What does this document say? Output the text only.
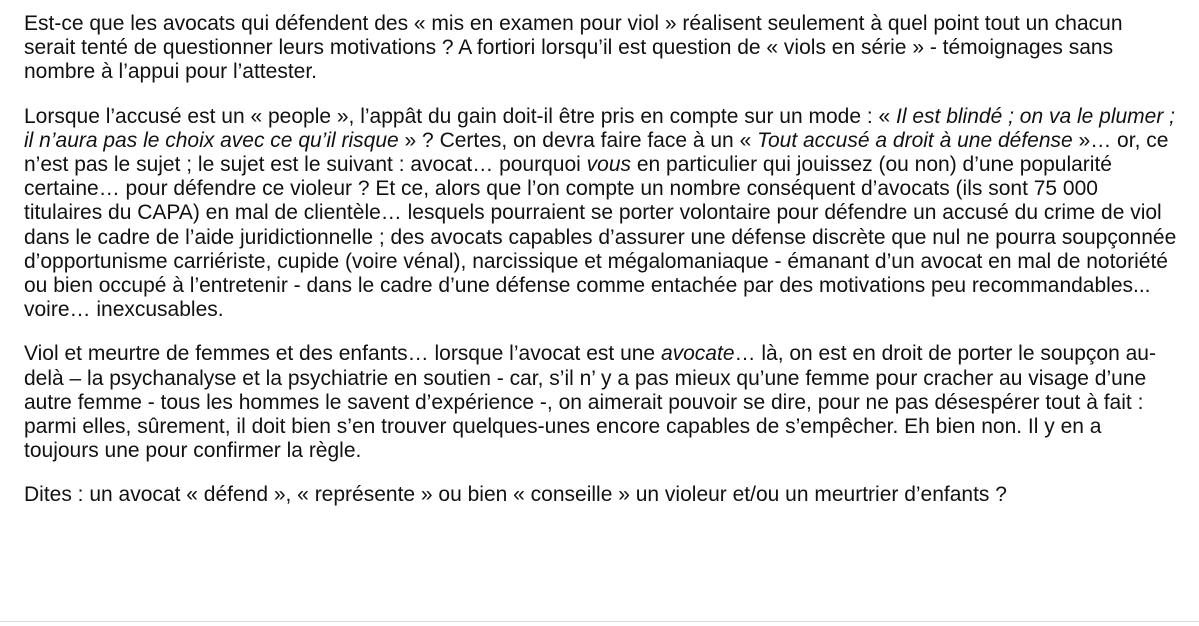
Est-ce que les avocats qui défendent des « mis en examen pour viol » réalisent seulement à quel point tout un chacun serait tenté de questionner leurs motivations ? A fortiori lorsqu’il est question de « viols en série » - témoignages sans nombre à l’appui pour l’attester.

Lorsque l’accusé est un « people », l’appât du gain doit-il être pris en compte sur un mode : « Il est blindé ; on va le plumer ; il n’aura pas le choix avec ce qu’il risque » ? Certes, on devra faire face à un « Tout accusé a droit à une défense »… or, ce n’est pas le sujet ; le sujet est le suivant : avocat… pourquoi vous en particulier qui jouissez (ou non) d’une popularité certaine… pour défendre ce violeur ? Et ce, alors que l’on compte un nombre conséquent d’avocats (ils sont 75 000 titulaires du CAPA) en mal de clientèle… lesquels pourraient se porter volontaire pour défendre un accusé du crime de viol dans le cadre de l’aide juridictionnelle ; des avocats capables d’assurer une défense discrète que nul ne pourra soupçonnée d’opportunisme carriériste, cupide (voire vénal), narcissique et mégalomaniaque - émanant d’un avocat en mal de notoriété ou bien occupé à l’entretenir - dans le cadre d’une défense comme entachée par des motivations peu recommandables... voire… inexcusables.

Viol et meurtre de femmes et des enfants… lorsque l’avocat est une avocate… là, on est en droit de porter le soupçon au-delà – la psychanalyse et la psychiatrie en soutien - car, s’il n’ y a pas mieux qu’une femme pour cracher au visage d’une autre femme - tous les hommes le savent d’expérience -, on aimerait pouvoir se dire, pour ne pas désespérer tout à fait : parmi elles, sûrement, il doit bien s’en trouver quelques-unes encore capables de s’empêcher. Eh bien non. Il y en a toujours une pour confirmer la règle.

Dites : un avocat « défend », « représente » ou bien « conseille » un violeur et/ou un meurtrier d’enfants ?
